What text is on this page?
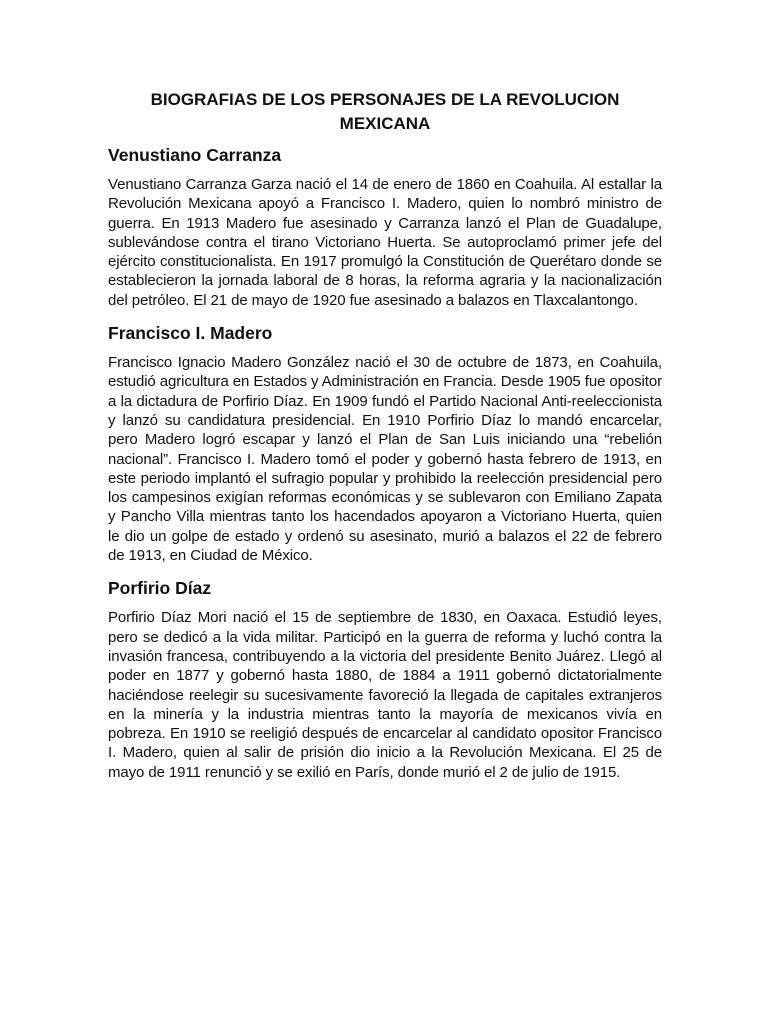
BIOGRAFIAS DE LOS PERSONAJES DE LA REVOLUCION
MEXICANA
Venustiano Carranza

Venustiano Carranza Garza nació el 14 de enero de 1860 en Coahuila. Al estallar la Revolución Mexicana apoyó a Francisco I. Madero, quien lo nombró ministro de guerra. En 1913 Madero fue asesinado y Carranza lanzó el Plan de Guadalupe, sublevándose contra el tirano Victoriano Huerta. Se autoproclamó primer jefe del ejército constitucionalista. En 1917 promulgó la Constitución de Querétaro donde se establecieron la jornada laboral de 8 horas, la reforma agraria y la nacionalización del petróleo. El 21 de mayo de 1920 fue asesinado a balazos en Tlaxcalantongo.

Francisco I. Madero

Francisco Ignacio Madero González nació el 30 de octubre de 1873, en Coahuila, estudió agricultura en Estados y Administración en Francia. Desde 1905 fue opositor a la dictadura de Porfirio Díaz. En 1909 fundó el Partido Nacional Anti-reeleccionista y lanzó su candidatura presidencial. En 1910 Porfirio Díaz lo mandó encarcelar, pero Madero logró escapar y lanzó el Plan de San Luis iniciando una “rebelión nacional”. Francisco I. Madero tomó el poder y gobernó hasta febrero de 1913, en este periodo implantó el sufragio popular y prohibido la reelección presidencial pero los campesinos exigían reformas económicas y se sublevaron con Emiliano Zapata y Pancho Villa mientras tanto los hacendados apoyaron a Victoriano Huerta, quien le dio un golpe de estado y ordenó su asesinato, murió a balazos el 22 de febrero de 1913, en Ciudad de México.

Porfirio Díaz

Porfirio Díaz Mori nació el 15 de septiembre de 1830, en Oaxaca. Estudió leyes, pero se dedicó a la vida militar. Participó en la guerra de reforma y luchó contra la invasión francesa, contribuyendo a la victoria del presidente Benito Juárez. Llegó al poder en 1877 y gobernó hasta 1880, de 1884 a 1911 gobernó dictatorialmente haciéndose reelegir su sucesivamente favoreció la llegada de capitales extranjeros en la minería y la industria mientras tanto la mayoría de mexicanos vivía en pobreza. En 1910 se reeligió después de encarcelar al candidato opositor Francisco I. Madero, quien al salir de prisión dio inicio a la Revolución Mexicana. El 25 de mayo de 1911 renunció y se exilió en París, donde murió el 2 de julio de 1915.
